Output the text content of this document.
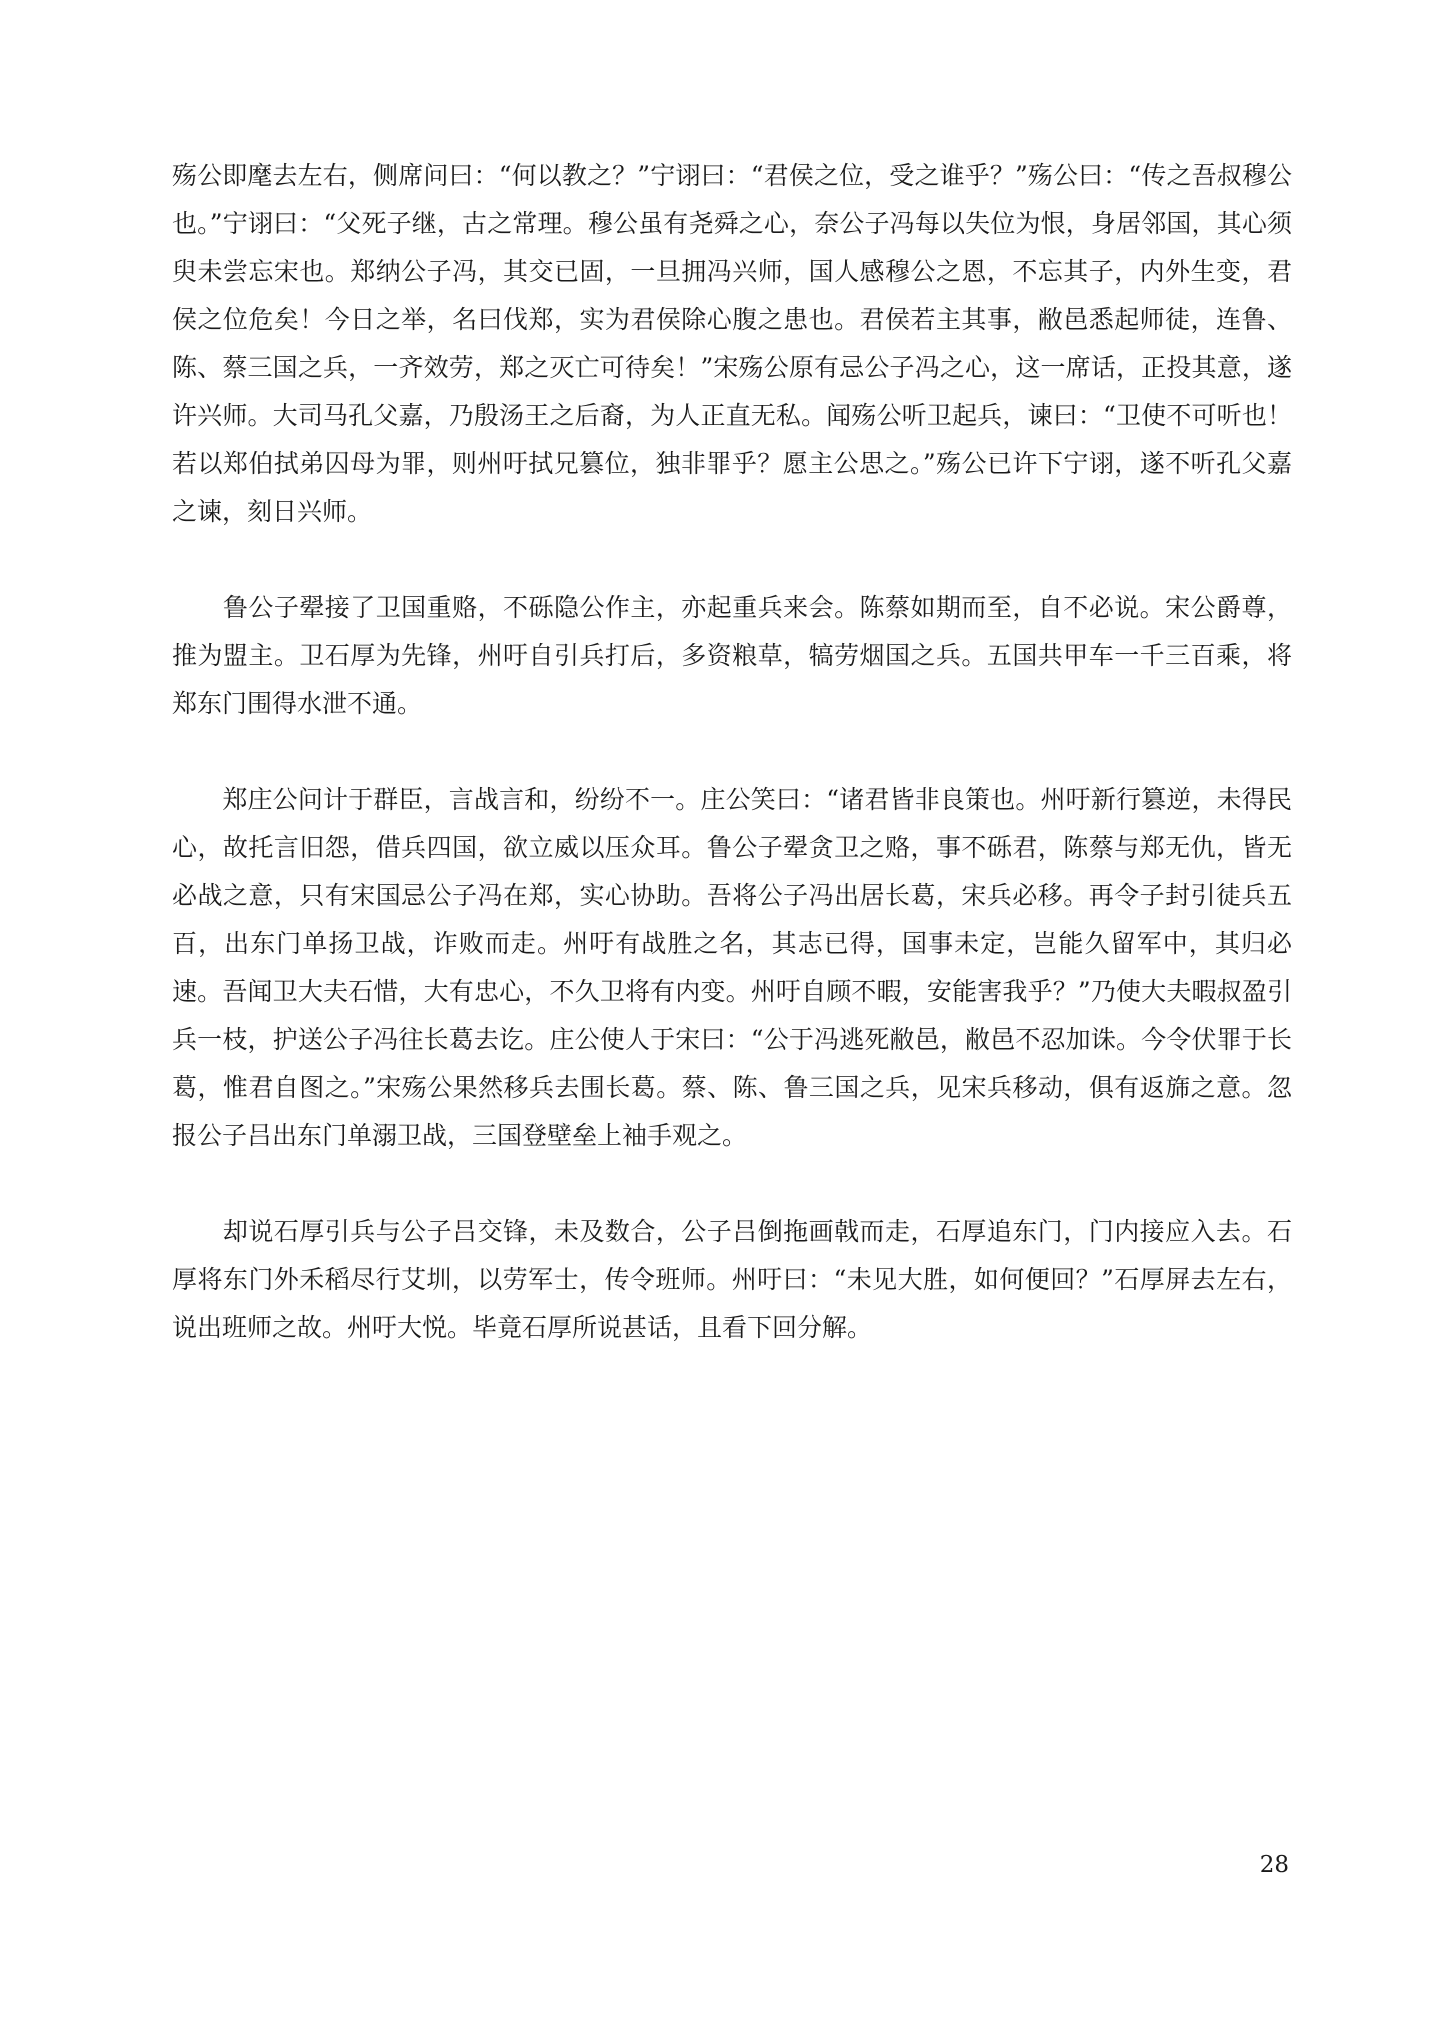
殇公即麾去左右，侧席问曰：“何以教之？”宁诩曰：“君侯之位，受之谁乎？”殇公曰：“传之吾叔穆公也。”宁诩曰：“父死子继，古之常理。穆公虽有尧舜之心，奈公子冯每以失位为恨，身居邻国，其心须臾未尝忘宋也。郑纳公子冯，其交已固，一旦拥冯兴师，国人感穆公之恩，不忘其子，内外生变，君侯之位危矣！今日之举，名曰伐郑，实为君侯除心腹之患也。君侯若主其事，敝邑悉起师徒，连鲁、陈、蔡三国之兵，一齐效劳，郑之灭亡可待矣！”宋殇公原有忌公子冯之心，这一席话，正投其意，遂许兴师。大司马孔父嘉，乃殷汤王之后裔，为人正直无私。闻殇公听卫起兵，谏曰：“卫使不可听也！若以郑伯拭弟囚母为罪，则州吁拭兄篡位，独非罪乎？愿主公思之。”殇公已许下宁诩，遂不听孔父嘉之谏，刻日兴师。

　　鲁公子翚接了卫国重赂，不砾隐公作主，亦起重兵来会。陈蔡如期而至，自不必说。宋公爵尊，推为盟主。卫石厚为先锋，州吁自引兵打后，多资粮草，犒劳烟国之兵。五国共甲车一千三百乘，将郑东门围得水泄不通。

　　郑庄公问计于群臣，言战言和，纷纷不一。庄公笑曰：“诸君皆非良策也。州吁新行篡逆，未得民心，故托言旧怨，借兵四国，欲立威以压众耳。鲁公子翚贪卫之赂，事不砾君，陈蔡与郑无仇，皆无必战之意，只有宋国忌公子冯在郑，实心协助。吾将公子冯出居长葛，宋兵必移。再令子封引徒兵五百，出东门单扬卫战，诈败而走。州吁有战胜之名，其志已得，国事未定，岂能久留军中，其归必速。吾闻卫大夫石惜，大有忠心，不久卫将有内变。州吁自顾不暇，安能害我乎？”乃使大夫暇叔盈引兵一枝，护送公子冯往长葛去讫。庄公使人于宋曰：“公于冯逃死敝邑，敝邑不忍加诛。今令伏罪于长葛，惟君自图之。”宋殇公果然移兵去围长葛。蔡、陈、鲁三国之兵，见宋兵移动，俱有返旆之意。忽报公子吕出东门单溺卫战，三国登壁垒上袖手观之。

　　却说石厚引兵与公子吕交锋，未及数合，公子吕倒拖画戟而走，石厚追东门，门内接应入去。石厚将东门外禾稻尽行艾圳，以劳军士，传令班师。州吁曰：“未见大胜，如何便回？”石厚屏去左右，说出班师之故。州吁大悦。毕竟石厚所说甚话，且看下回分解。

28
